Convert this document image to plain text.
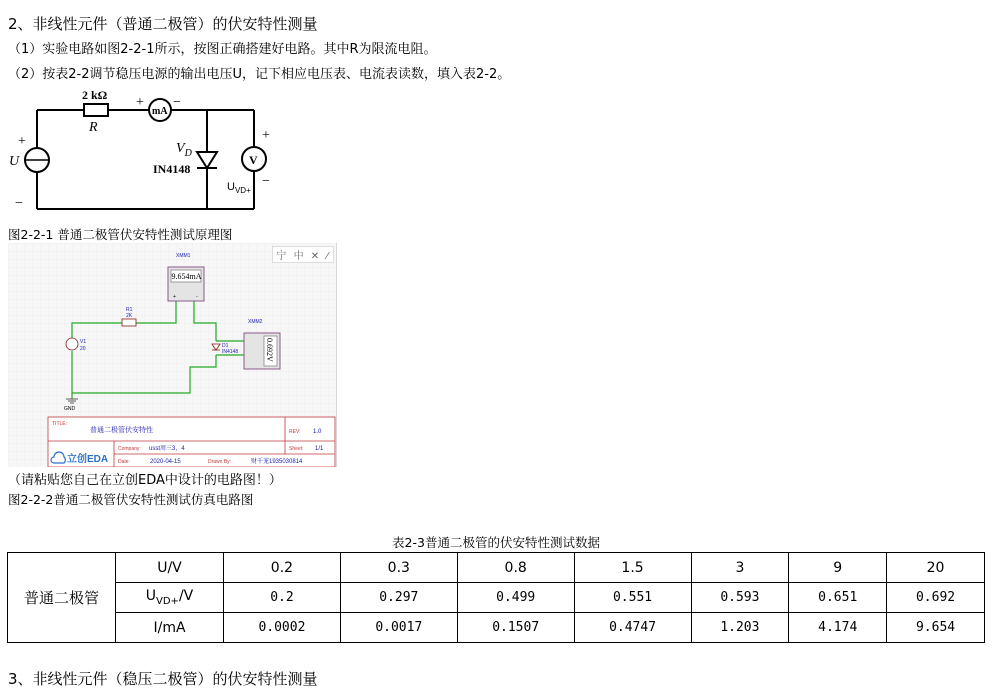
2、非线性元件（普通二极管）的伏安特性测量
（1）实验电路如图2-2-1所示，按图正确搭建好电路。其中R为限流电阻。
（2）按表2-2调节稳压电源的输出电压U，记下相应电压表、电流表读数，填入表2-2。
2 kΩ
R
mA
+ −
+
U
−
$V_D$
IN4148
V
+
−
$U_{VD+}$
图2-2-1 普通二极管伏安特性测试原理图
XMM1
9.654mA
+	-
R1
2K
V1
20	D1
IN4148
XMM2
0.692V
GND
TITLE:
普通二极管伏安特性	REV: 1.0
Company: usst周三3，4	Sheet: 1/1
Date:	2020-04-15	Drawn By:	财千茏1935030814
立创EDA
宁 中 ✕ ⁄
（请粘贴您自己在立创EDA中设计的电路图！）
图2-2-2普通二极管伏安特性测试仿真电路图
表2-3普通二极管的伏安特性测试数据
普通二极管	U/V	0.2	0.3	0.8	1.5	3	9	20
	$U_{VD+}/V$	0.2	0.297	0.499	0.551	0.593	0.651	0.692
	I/mA	0.0002	0.0017	0.1507	0.4747	1.203	4.174	9.654
3、非线性元件（稳压二极管）的伏安特性测量
